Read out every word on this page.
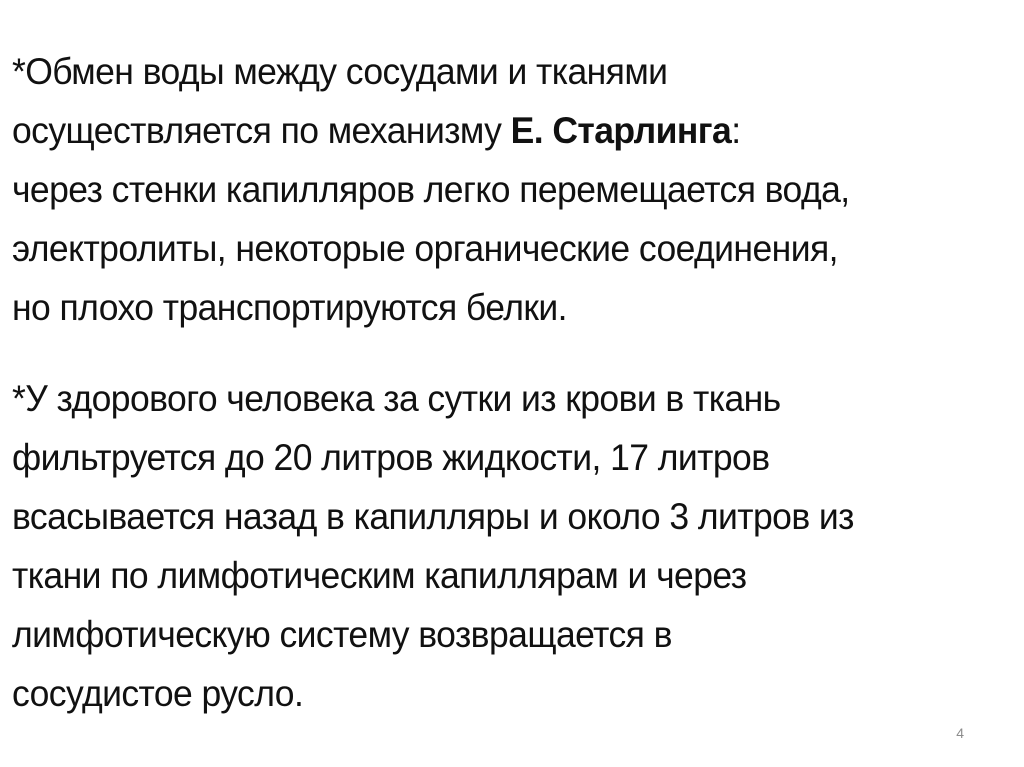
*Обмен воды между сосудами и тканями
осуществляется по механизму Е. Старлинга:
через стенки капилляров легко перемещается вода,
электролиты, некоторые органические соединения,
но плохо транспортируются белки.

*У здорового человека за сутки из крови в ткань
фильтруется до 20 литров жидкости, 17 литров
всасывается назад в капилляры и около 3 литров из
ткани по лимфотическим капиллярам и через
лимфотическую систему возвращается в
сосудистое русло.

4
